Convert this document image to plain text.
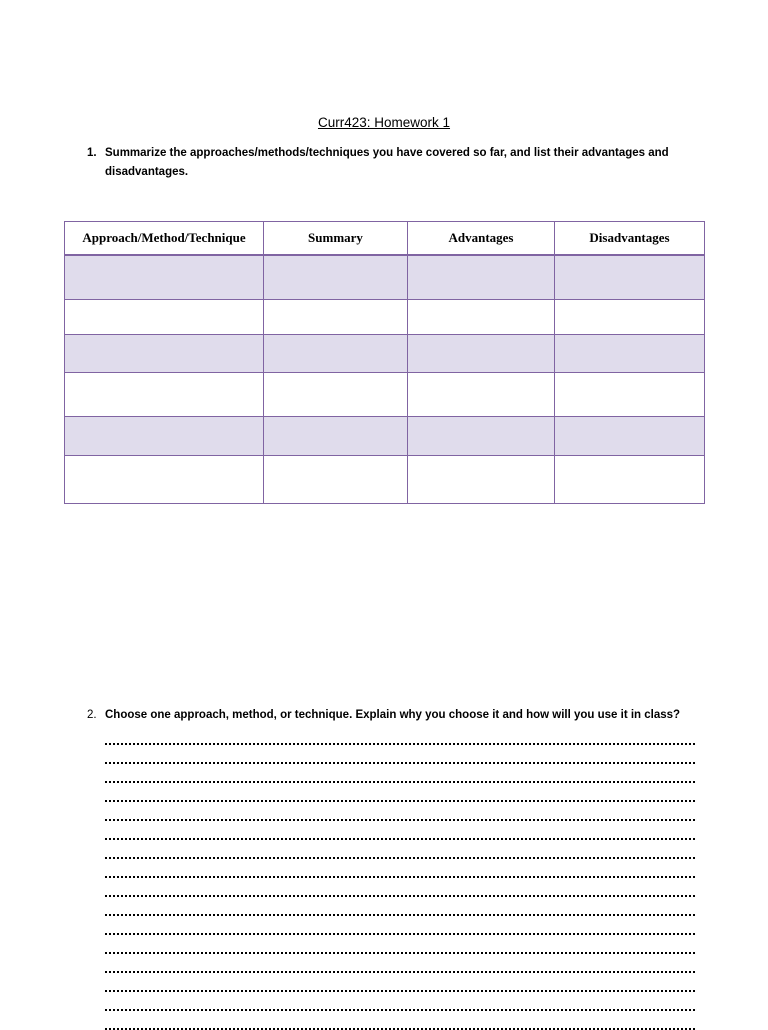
Curr423: Homework 1
1. Summarize the approaches/methods/techniques you have covered so far, and list their advantages and disadvantages.
Approach/Method/Technique	Summary	Advantages	Disadvantages

2. Choose one approach, method, or technique. Explain why you choose it and how will you use it in class?
